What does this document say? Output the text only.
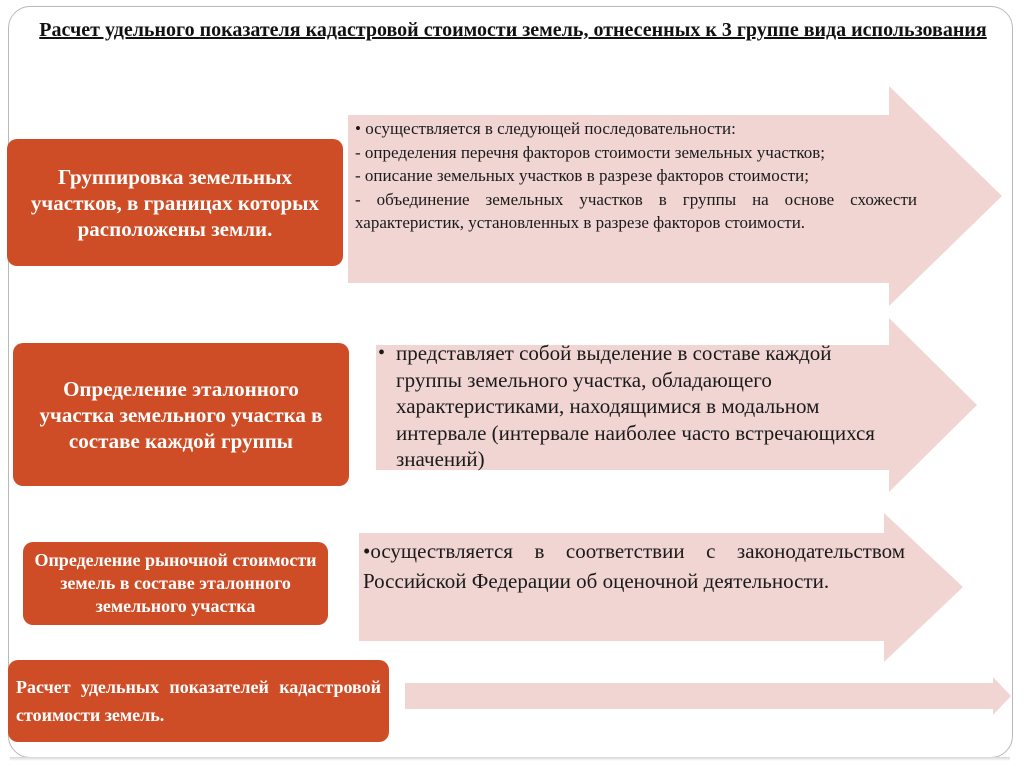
Расчет удельного показателя кадастровой стоимости земель, отнесенных к 3 группе вида использования
Группировка земельных участков, в границах которых расположены земли.
• осуществляется в следующей последовательности:
- определения перечня факторов стоимости земельных участков;
- описание земельных участков в разрезе факторов стоимости;
- объединение земельных участков в группы на основе схожести характеристик, установленных в разрезе факторов стоимости.
Определение эталонного участка земельного участка в составе каждой группы
• представляет собой выделение в составе каждой группы земельного участка, обладающего характеристиками, находящимися в модальном интервале (интервале наиболее часто встречающихся значений)
Определение рыночной стоимости земель в составе эталонного земельного участка
•осуществляется в соответствии с законодательством Российской Федерации об оценочной деятельности.
Расчет удельных показателей кадастровой стоимости земель.
